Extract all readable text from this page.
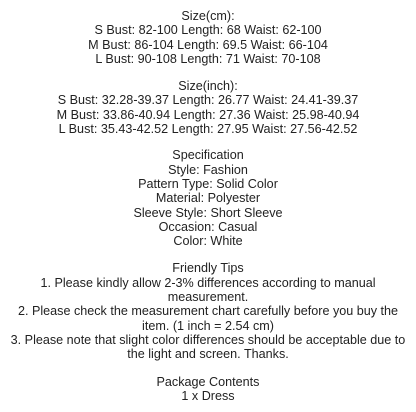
Size(cm):
S Bust: 82-100 Length: 68 Waist: 62-100
M Bust: 86-104 Length: 69.5 Waist: 66-104
L Bust: 90-108 Length: 71 Waist: 70-108
Size(inch):
S Bust: 32.28-39.37 Length: 26.77 Waist: 24.41-39.37
M Bust: 33.86-40.94 Length: 27.36 Waist: 25.98-40.94
L Bust: 35.43-42.52 Length: 27.95 Waist: 27.56-42.52
Specification
Style: Fashion
Pattern Type: Solid Color
Material: Polyester
Sleeve Style: Short Sleeve
Occasion: Casual
Color: White
Friendly Tips
1. Please kindly allow 2-3% differences according to manual
measurement.
2. Please check the measurement chart carefully before you buy the
item. (1 inch = 2.54 cm)
3. Please note that slight color differences should be acceptable due to
the light and screen. Thanks.
Package Contents
1 x Dress
